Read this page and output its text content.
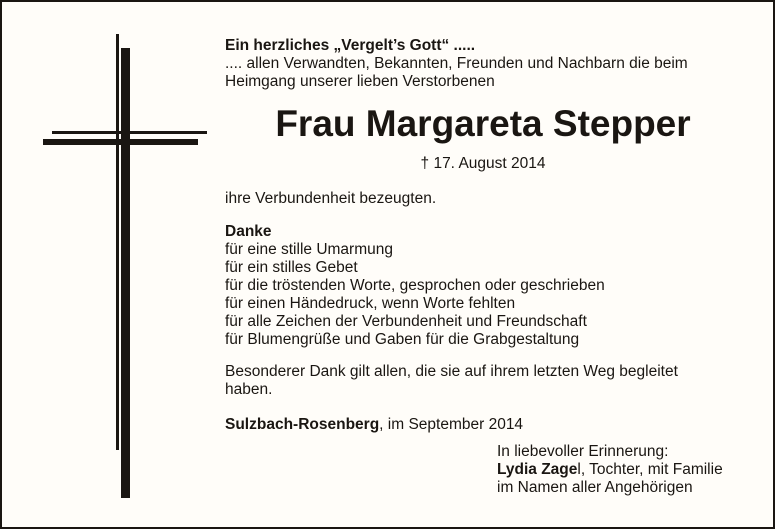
Ein herzliches „Vergelt’s Gott“ .....
.... allen Verwandten, Bekannten, Freunden und Nachbarn die beim
Heimgang unserer lieben Verstorbenen
Frau Margareta Stepper
† 17. August 2014
ihre Verbundenheit bezeugten.
Danke
für eine stille Umarmung
für ein stilles Gebet
für die tröstenden Worte, gesprochen oder geschrieben
für einen Händedruck, wenn Worte fehlten
für alle Zeichen der Verbundenheit und Freundschaft
für Blumengrüße und Gaben für die Grabgestaltung
Besonderer Dank gilt allen, die sie auf ihrem letzten Weg begleitet
haben.
Sulzbach-Rosenberg, im September 2014
In liebevoller Erinnerung:
Lydia Zagel, Tochter, mit Familie
im Namen aller Angehörigen
